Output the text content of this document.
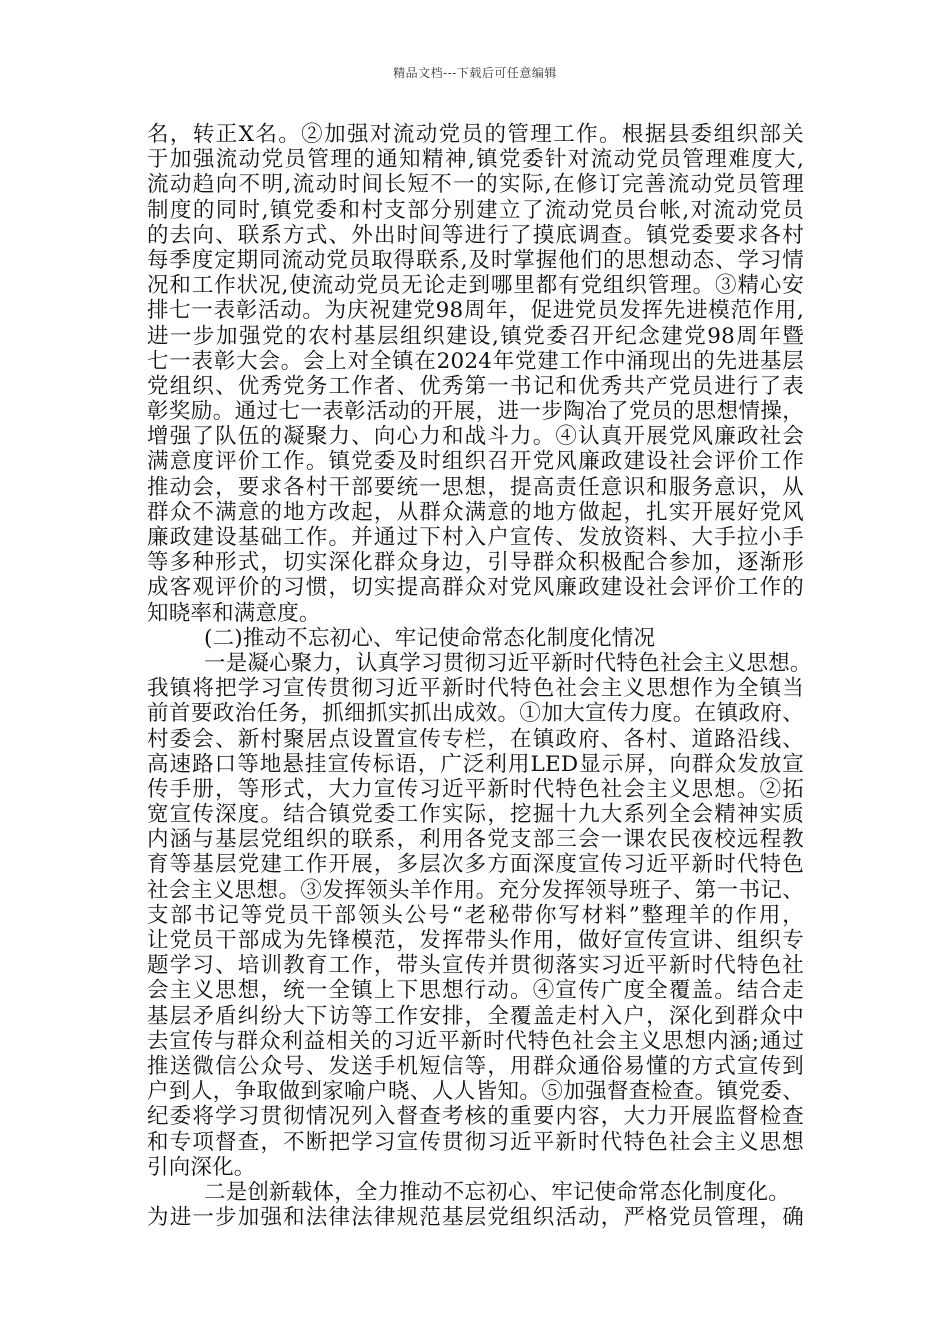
精品文档---下载后可任意编辑
名，转正X名。②加强对流动党员的管理工作。根据县委组织部关
于加强流动党员管理的通知精神,镇党委针对流动党员管理难度大,
流动趋向不明,流动时间长短不一的实际,在修订完善流动党员管理
制度的同时,镇党委和村支部分别建立了流动党员台帐,对流动党员
的去向、联系方式、外出时间等进行了摸底调查。镇党委要求各村
每季度定期同流动党员取得联系,及时掌握他们的思想动态、学习情
况和工作状况,使流动党员无论走到哪里都有党组织管理。③精心安
排七一表彰活动。为庆祝建党98周年，促进党员发挥先进模范作用,
进一步加强党的农村基层组织建设,镇党委召开纪念建党98周年暨
七一表彰大会。会上对全镇在2024年党建工作中涌现出的先进基层
党组织、优秀党务工作者、优秀第一书记和优秀共产党员进行了表
彰奖励。通过七一表彰活动的开展，进一步陶冶了党员的思想情操，
增强了队伍的凝聚力、向心力和战斗力。④认真开展党风廉政社会
满意度评价工作。镇党委及时组织召开党风廉政建设社会评价工作
推动会，要求各村干部要统一思想，提高责任意识和服务意识，从
群众不满意的地方改起，从群众满意的地方做起，扎实开展好党风
廉政建设基础工作。并通过下村入户宣传、发放资料、大手拉小手
等多种形式，切实深化群众身边，引导群众积极配合参加，逐渐形
成客观评价的习惯，切实提高群众对党风廉政建设社会评价工作的
知晓率和满意度。
(二)推动不忘初心、牢记使命常态化制度化情况
一是凝心聚力，认真学习贯彻习近平新时代特色社会主义思想。
我镇将把学习宣传贯彻习近平新时代特色社会主义思想作为全镇当
前首要政治任务，抓细抓实抓出成效。①加大宣传力度。在镇政府、
村委会、新村聚居点设置宣传专栏，在镇政府、各村、道路沿线、
高速路口等地悬挂宣传标语，广泛利用LED显示屏，向群众发放宣
传手册，等形式，大力宣传习近平新时代特色社会主义思想。②拓
宽宣传深度。结合镇党委工作实际，挖掘十九大系列全会精神实质
内涵与基层党组织的联系，利用各党支部三会一课农民夜校远程教
育等基层党建工作开展，多层次多方面深度宣传习近平新时代特色
社会主义思想。③发挥领头羊作用。充分发挥领导班子、第一书记、
支部书记等党员干部领头公号“老秘带你写材料”整理羊的作用，
让党员干部成为先锋模范，发挥带头作用，做好宣传宣讲、组织专
题学习、培训教育工作，带头宣传并贯彻落实习近平新时代特色社
会主义思想，统一全镇上下思想行动。④宣传广度全覆盖。结合走
基层矛盾纠纷大下访等工作安排，全覆盖走村入户，深化到群众中
去宣传与群众利益相关的习近平新时代特色社会主义思想内涵;通过
推送微信公众号、发送手机短信等，用群众通俗易懂的方式宣传到
户到人，争取做到家喻户晓、人人皆知。⑤加强督查检查。镇党委、
纪委将学习贯彻情况列入督查考核的重要内容，大力开展监督检查
和专项督查，不断把学习宣传贯彻习近平新时代特色社会主义思想
引向深化。
二是创新载体，全力推动不忘初心、牢记使命常态化制度化。
为进一步加强和法律法律规范基层党组织活动，严格党员管理，确
